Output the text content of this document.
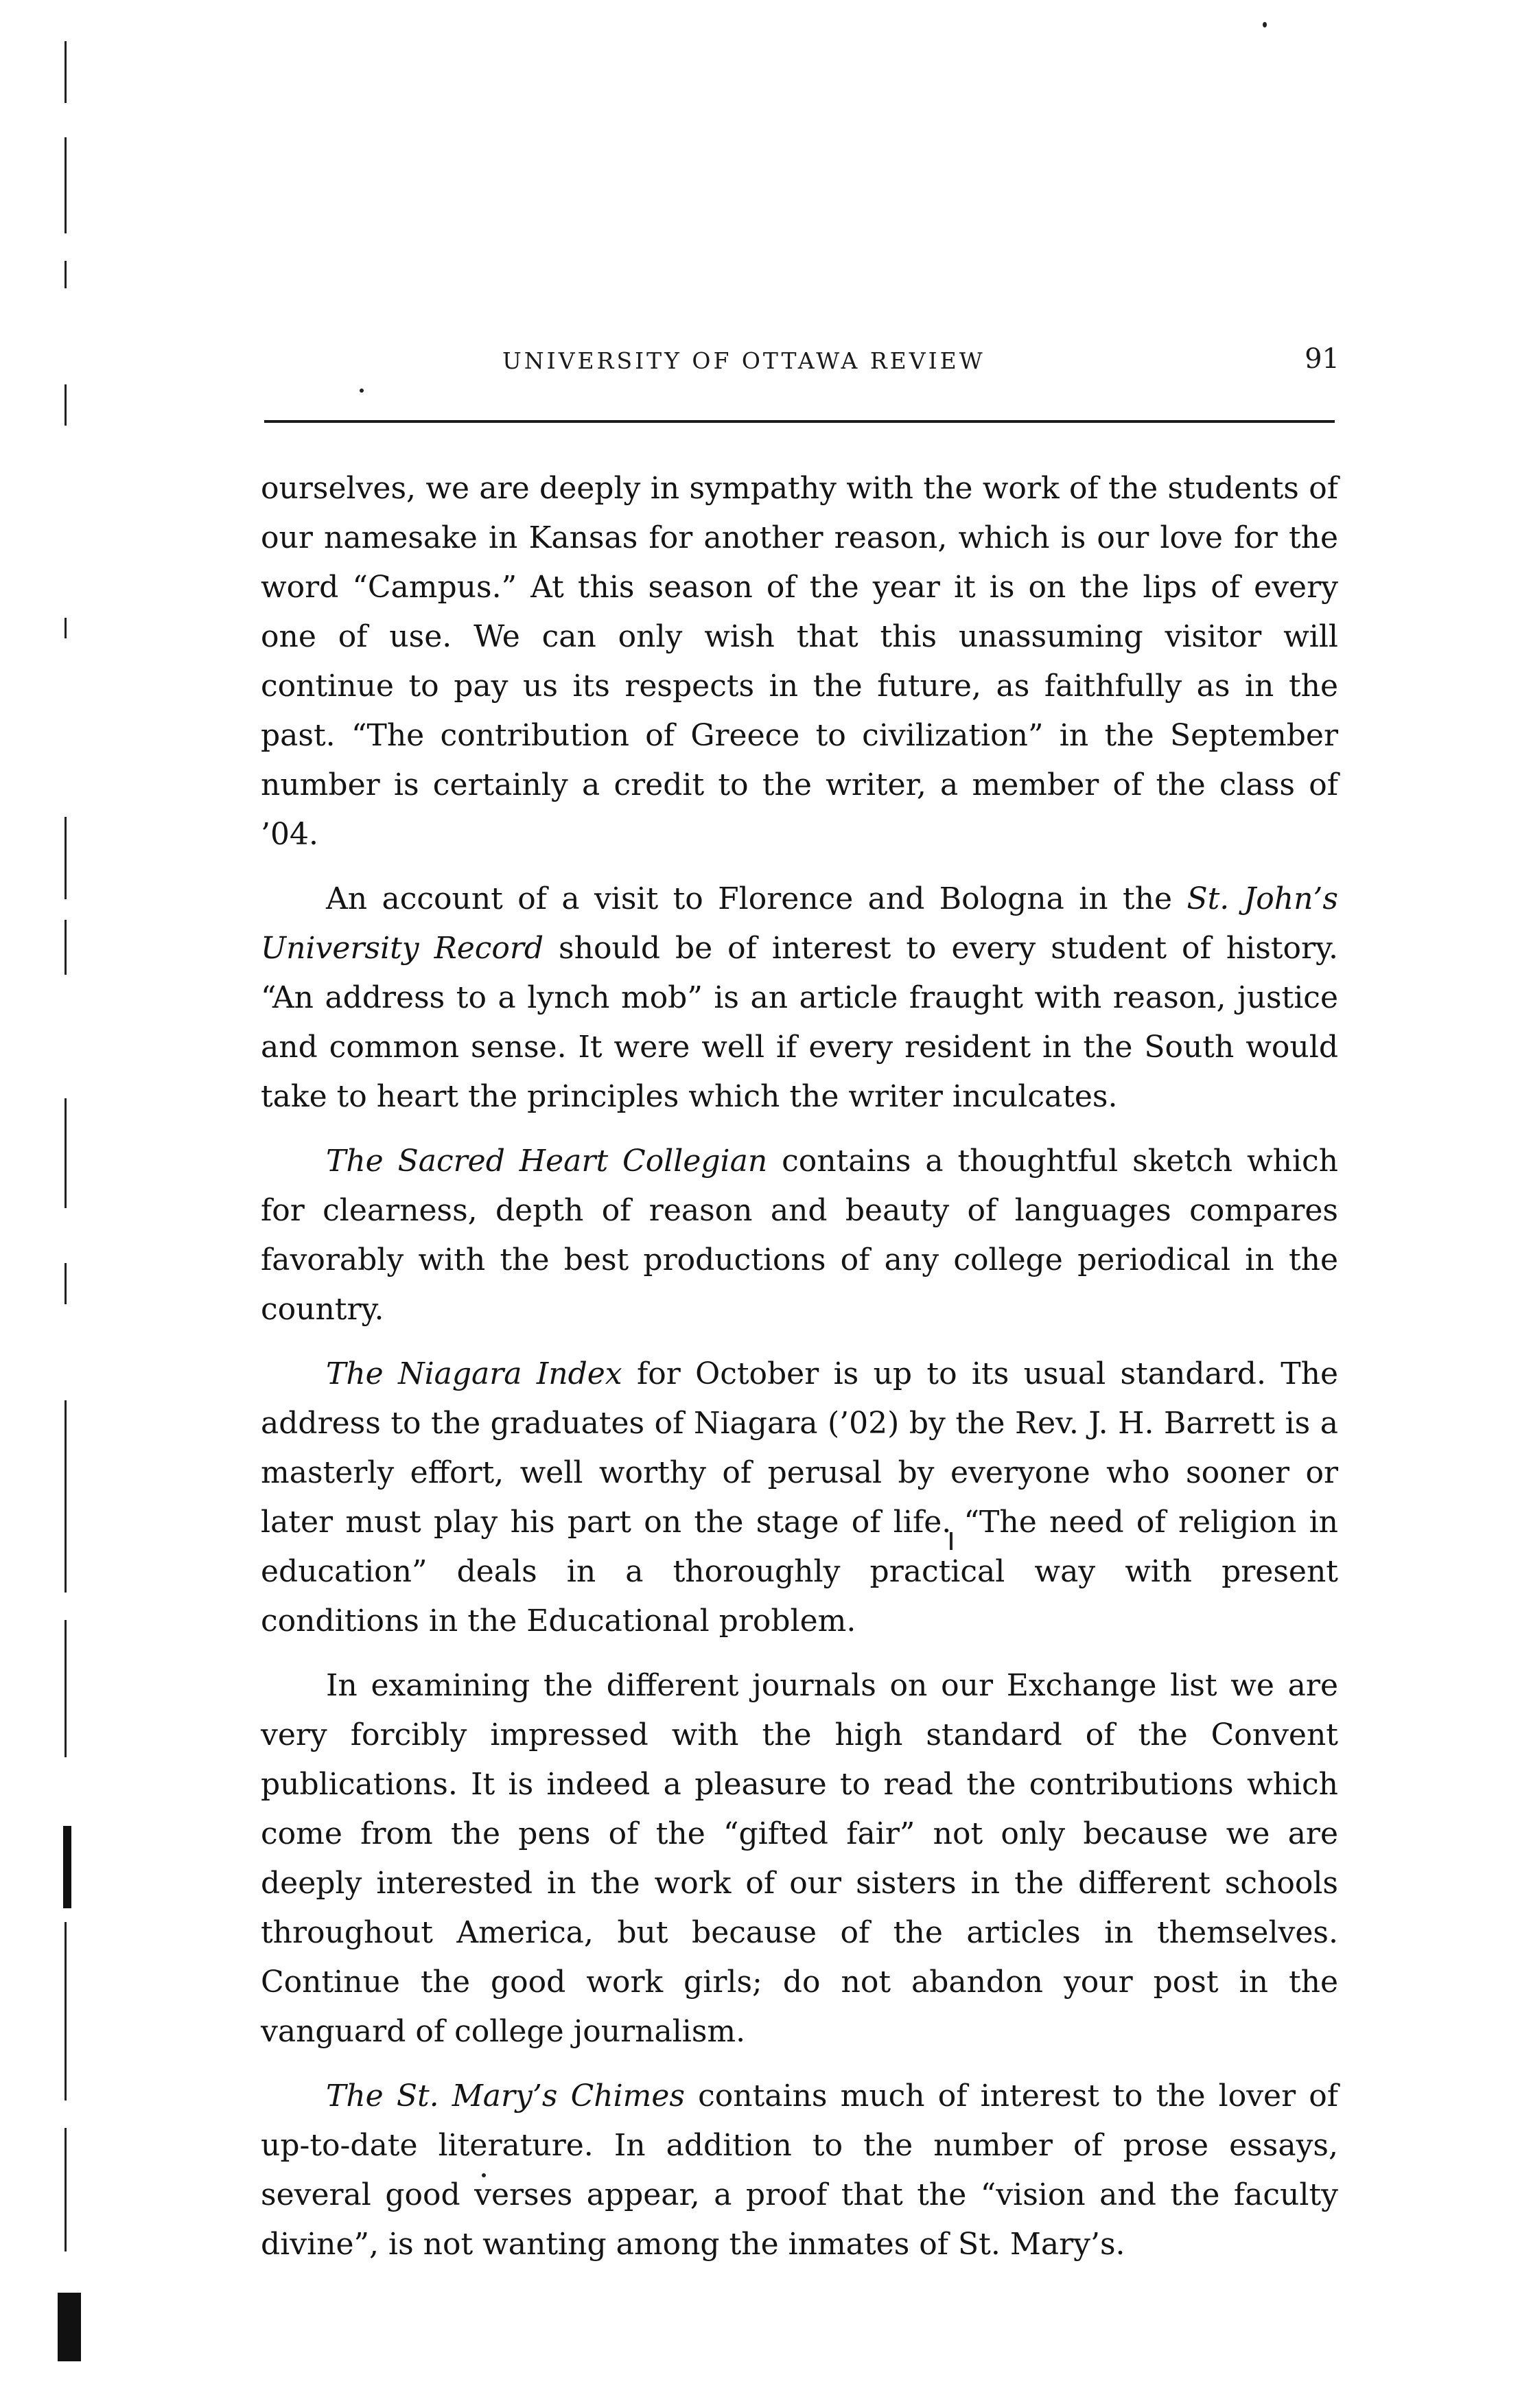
UNIVERSITY OF OTTAWA REVIEW	91

ourselves, we are deeply in sympathy with the work of the students of our namesake in Kansas for another reason, which is our love for the word “Campus.” At this season of the year it is on the lips of every one of use. We can only wish that this unassuming visitor will continue to pay us its respects in the future, as faithfully as in the past. “The contribution of Greece to civilization” in the September number is certainly a credit to the writer, a member of the class of ’04.

An account of a visit to Florence and Bologna in the St. John’s University Record should be of interest to every student of history. “An address to a lynch mob” is an article fraught with reason, justice and common sense. It were well if every resident in the South would take to heart the principles which the writer inculcates.

The Sacred Heart Collegian contains a thoughtful sketch which for clearness, depth of reason and beauty of languages compares favorably with the best productions of any college periodical in the country.

The Niagara Index for October is up to its usual standard. The address to the graduates of Niagara (’02) by the Rev. J. H. Barrett is a masterly effort, well worthy of perusal by everyone who sooner or later must play his part on the stage of life. “The need of religion in education” deals in a thoroughly practical way with present conditions in the Educational problem.

In examining the different journals on our Exchange list we are very forcibly impressed with the high standard of the Convent publications. It is indeed a pleasure to read the contributions which come from the pens of the “gifted fair” not only because we are deeply interested in the work of our sisters in the different schools throughout America, but because of the articles in themselves. Continue the good work girls; do not abandon your post in the vanguard of college journalism.

The St. Mary’s Chimes contains much of interest to the lover of up-to-date literature. In addition to the number of prose essays, several good verses appear, a proof that the “vision and the faculty divine”, is not wanting among the inmates of St. Mary’s.
